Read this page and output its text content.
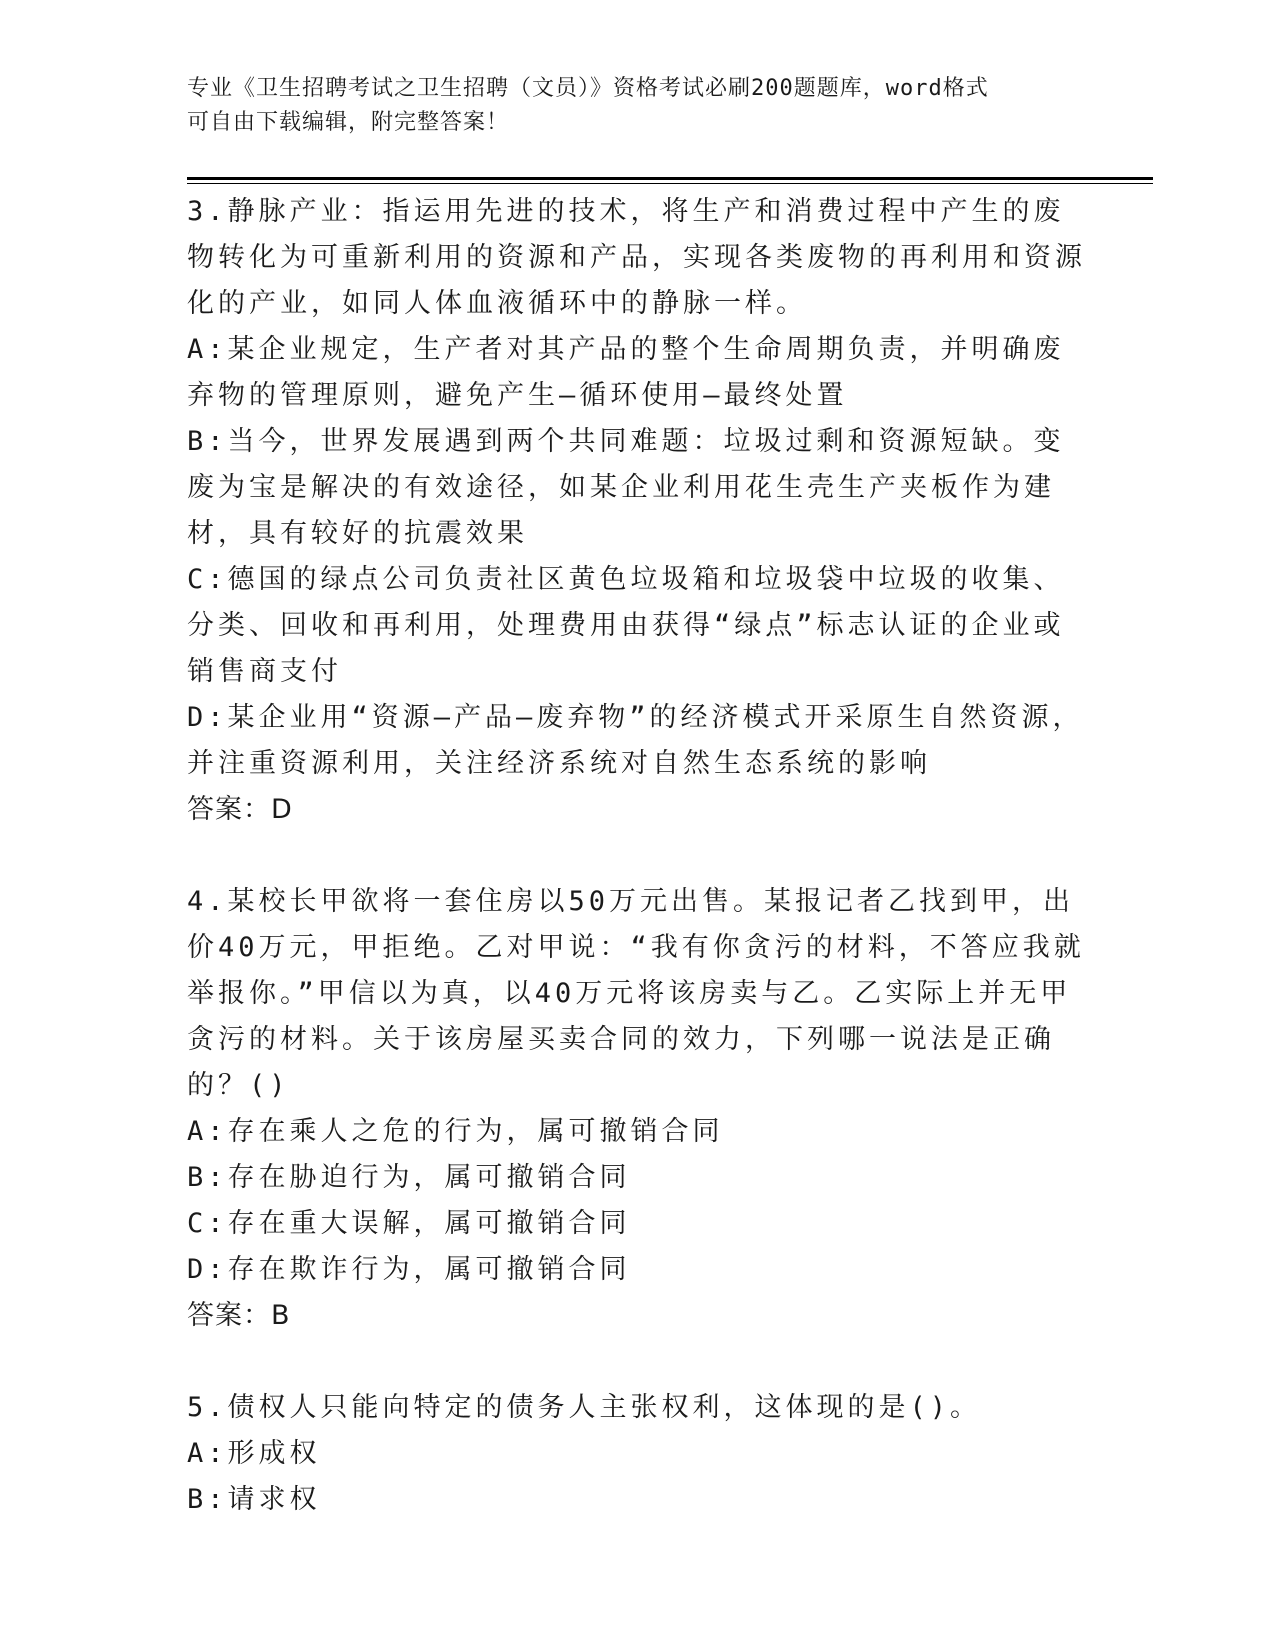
专业《卫生招聘考试之卫生招聘（文员）》资格考试必刷200题题库，word格式
可自由下载编辑，附完整答案！

3.静脉产业：指运用先进的技术，将生产和消费过程中产生的废物转化为可重新利用的资源和产品，实现各类废物的再利用和资源化的产业，如同人体血液循环中的静脉一样。

A:某企业规定，生产者对其产品的整个生命周期负责，并明确废弃物的管理原则，避免产生—循环使用—最终处置

B:当今，世界发展遇到两个共同难题：垃圾过剩和资源短缺。变废为宝是解决的有效途径，如某企业利用花生壳生产夹板作为建材，具有较好的抗震效果

C:德国的绿点公司负责社区黄色垃圾箱和垃圾袋中垃圾的收集、分类、回收和再利用，处理费用由获得“绿点”标志认证的企业或销售商支付

D:某企业用“资源—产品—废弃物”的经济模式开采原生自然资源，并注重资源利用，关注经济系统对自然生态系统的影响

答案：D

4.某校长甲欲将一套住房以50万元出售。某报记者乙找到甲，出价40万元，甲拒绝。乙对甲说：“我有你贪污的材料，不答应我就举报你。”甲信以为真，以40万元将该房卖与乙。乙实际上并无甲贪污的材料。关于该房屋买卖合同的效力，下列哪一说法是正确的？()

A:存在乘人之危的行为，属可撤销合同

B:存在胁迫行为，属可撤销合同

C:存在重大误解，属可撤销合同

D:存在欺诈行为，属可撤销合同

答案：B

5.债权人只能向特定的债务人主张权利，这体现的是()。

A:形成权

B:请求权
